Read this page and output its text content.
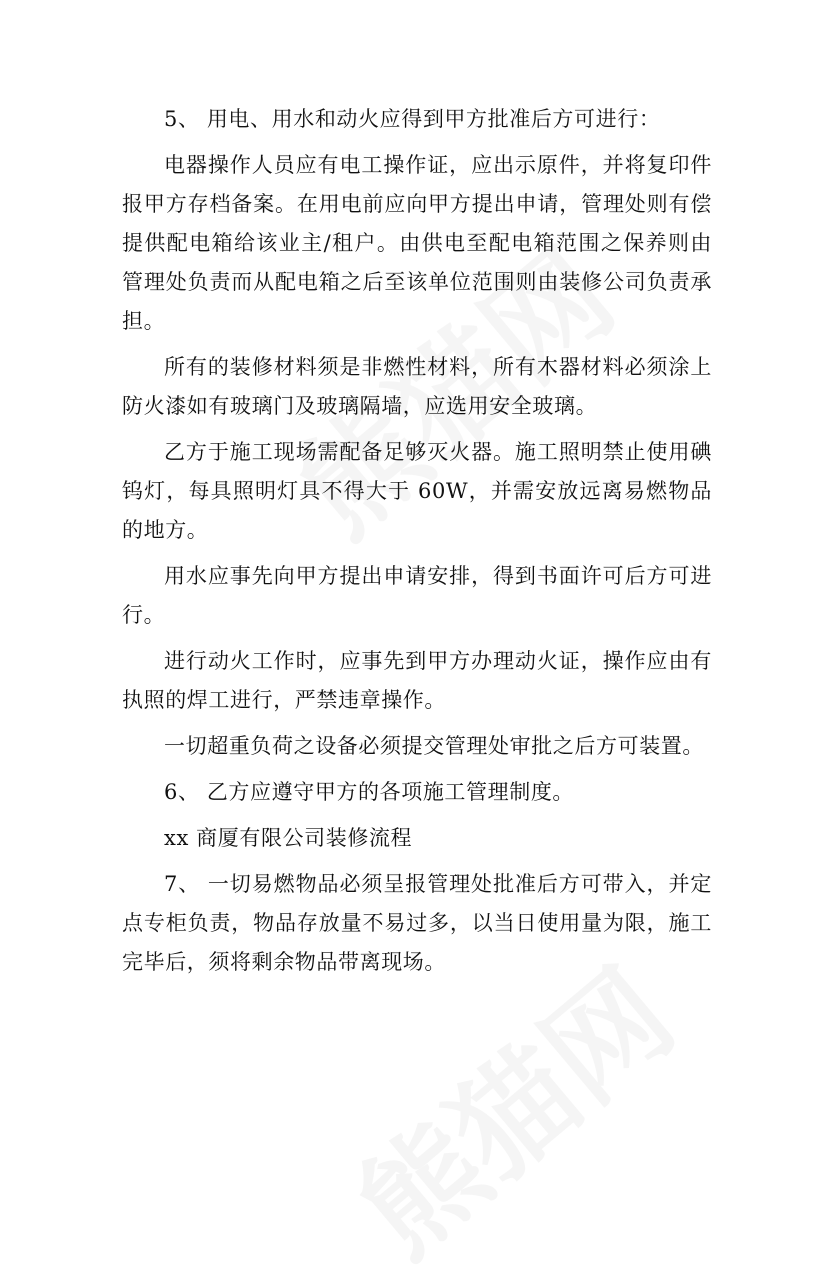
5、 用电、用水和动火应得到甲方批准后方可进行：

电器操作人员应有电工操作证，应出示原件，并将复印件报甲方存档备案。在用电前应向甲方提出申请，管理处则有偿提供配电箱给该业主/租户。由供电至配电箱范围之保养则由管理处负责而从配电箱之后至该单位范围则由装修公司负责承担。

所有的装修材料须是非燃性材料，所有木器材料必须涂上防火漆如有玻璃门及玻璃隔墙，应选用安全玻璃。

乙方于施工现场需配备足够灭火器。施工照明禁止使用碘钨灯，每具照明灯具不得大于 60W，并需安放远离易燃物品的地方。

用水应事先向甲方提出申请安排，得到书面许可后方可进行。

进行动火工作时，应事先到甲方办理动火证，操作应由有执照的焊工进行，严禁违章操作。

一切超重负荷之设备必须提交管理处审批之后方可装置。

6、 乙方应遵守甲方的各项施工管理制度。

xx 商厦有限公司装修流程

7、 一切易燃物品必须呈报管理处批准后方可带入，并定点专柜负责，物品存放量不易过多，以当日使用量为限，施工完毕后，须将剩余物品带离现场。
